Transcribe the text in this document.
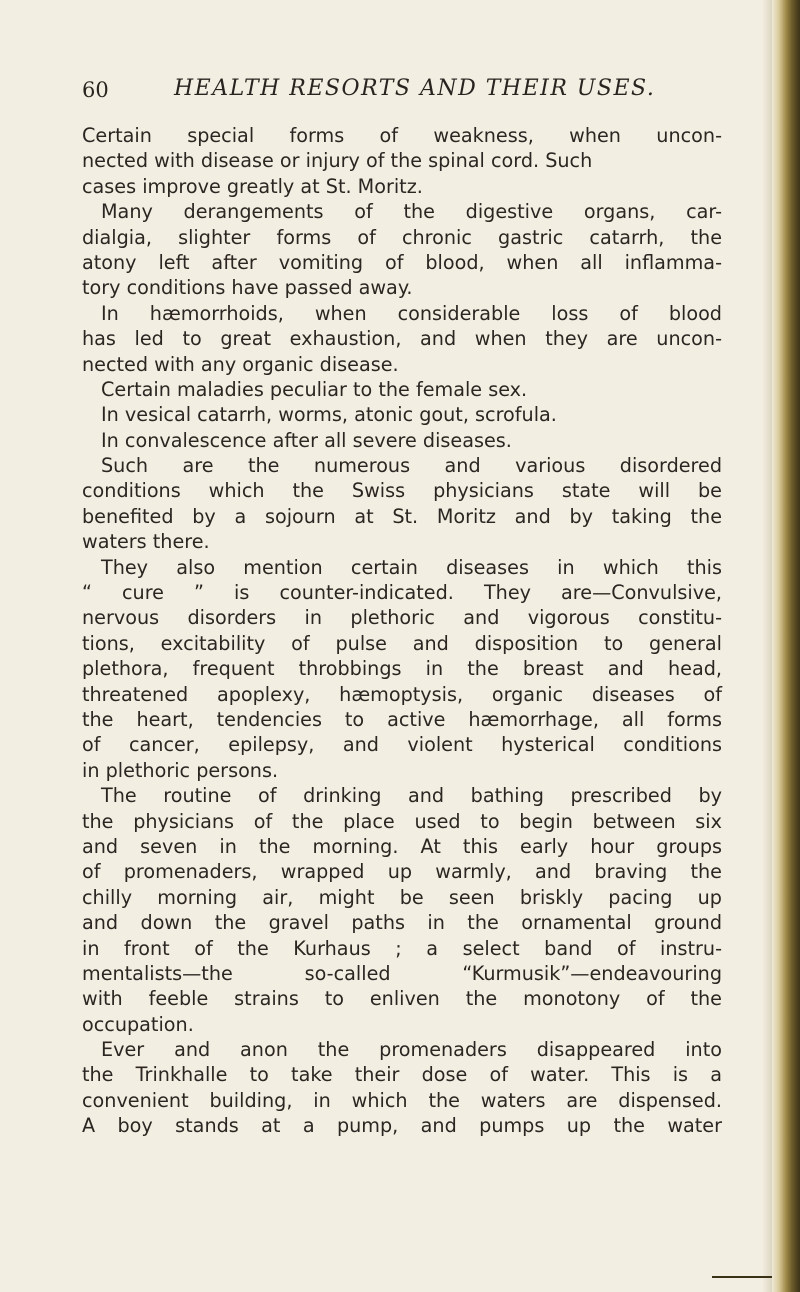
60	HEALTH RESORTS AND THEIR USES.
Certain special forms of weakness, when uncon-
nected with disease or injury of the spinal cord. Such
cases improve greatly at St. Moritz.
Many derangements of the digestive organs, car-
dialgia, slighter forms of chronic gastric catarrh, the
atony left after vomiting of blood, when all inflamma-
tory conditions have passed away.
In hæmorrhoids, when considerable loss of blood
has led to great exhaustion, and when they are uncon-
nected with any organic disease.
Certain maladies peculiar to the female sex.
In vesical catarrh, worms, atonic gout, scrofula.
In convalescence after all severe diseases.
Such are the numerous and various disordered
conditions which the Swiss physicians state will be
benefited by a sojourn at St. Moritz and by taking the
waters there.
They also mention certain diseases in which this
“ cure ” is counter-indicated. They are—Convulsive,
nervous disorders in plethoric and vigorous constitu-
tions, excitability of pulse and disposition to general
plethora, frequent throbbings in the breast and head,
threatened apoplexy, hæmoptysis, organic diseases of
the heart, tendencies to active hæmorrhage, all forms
of cancer, epilepsy, and violent hysterical conditions
in plethoric persons.
The routine of drinking and bathing prescribed by
the physicians of the place used to begin between six
and seven in the morning. At this early hour groups
of promenaders, wrapped up warmly, and braving the
chilly morning air, might be seen briskly pacing up
and down the gravel paths in the ornamental ground
in front of the Kurhaus ; a select band of instru-
mentalists—the so-called “Kurmusik”—endeavouring
with feeble strains to enliven the monotony of the
occupation.
Ever and anon the promenaders disappeared into
the Trinkhalle to take their dose of water. This is a
convenient building, in which the waters are dispensed.
A boy stands at a pump, and pumps up the water
